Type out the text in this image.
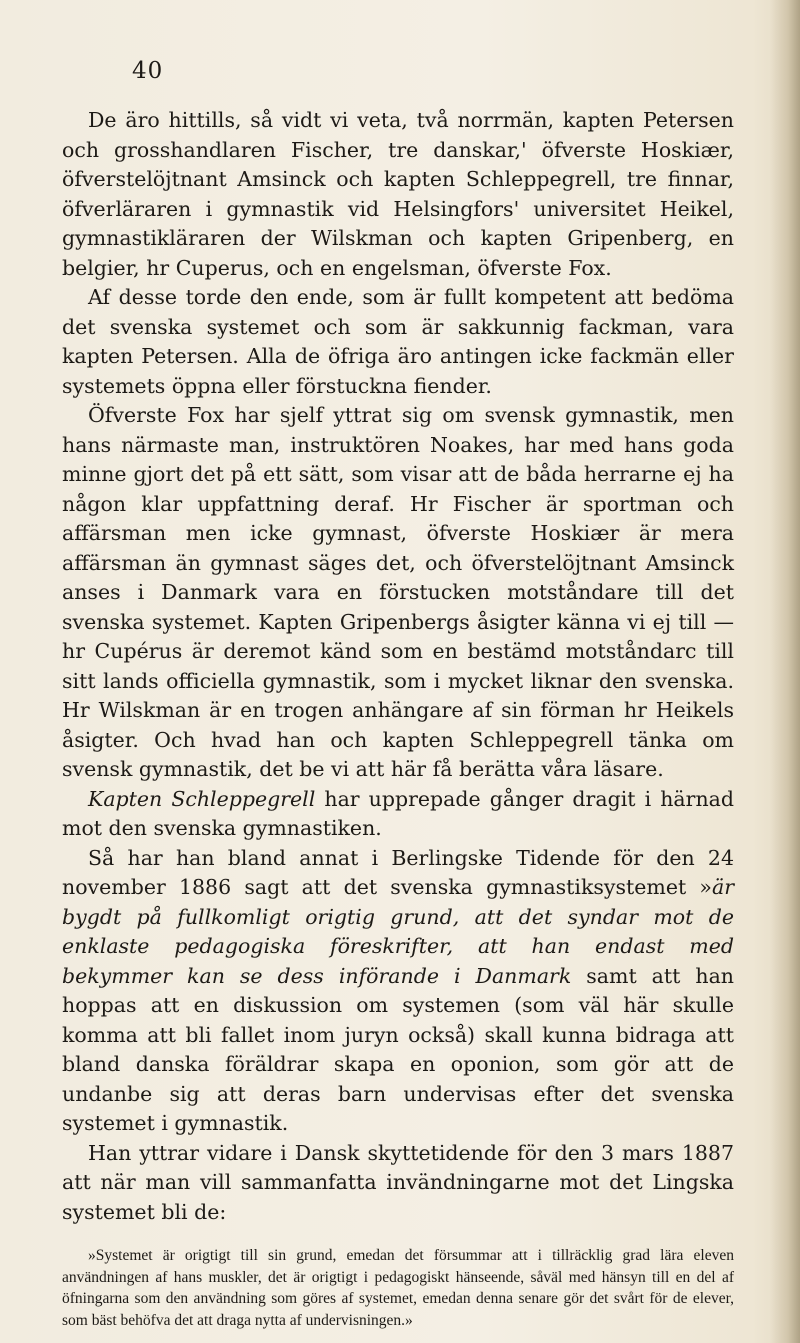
40

De äro hittills, så vidt vi veta, två norrmän, kapten Petersen och grosshandlaren Fischer, tre danskar,' öfverste Hoskiær, öfverstelöjtnant Amsinck och kapten Schleppegrell, tre finnar, öfverläraren i gymnastik vid Helsingfors' universitet Heikel, gymnastikläraren der Wilskman och kapten Gripenberg, en belgier, hr Cuperus, och en engelsman, öfverste Fox.

Af desse torde den ende, som är fullt kompetent att bedöma det svenska systemet och som är sakkunnig fackman, vara kapten Petersen. Alla de öfriga äro antingen icke fackmän eller systemets öppna eller förstuckna fiender.

Öfverste Fox har sjelf yttrat sig om svensk gymnastik, men hans närmaste man, instruktören Noakes, har med hans goda minne gjort det på ett sätt, som visar att de båda herrarne ej ha någon klar uppfattning deraf. Hr Fischer är sportman och affärsman men icke gymnast, öfverste Hoskiær är mera affärsman än gymnast säges det, och öfverstelöjtnant Amsinck anses i Danmark vara en förstucken motståndare till det svenska systemet. Kapten Gripenbergs åsigter känna vi ej till — hr Cupérus är deremot känd som en bestämd motståndarc till sitt lands officiella gymnastik, som i mycket liknar den svenska. Hr Wilskman är en trogen anhängare af sin förman hr Heikels åsigter. Och hvad han och kapten Schleppegrell tänka om svensk gymnastik, det be vi att här få berätta våra läsare.

Kapten Schleppegrell har upprepade gånger dragit i härnad mot den svenska gymnastiken.

Så har han bland annat i Berlingske Tidende för den 24 november 1886 sagt att det svenska gymnastiksystemet »är bygdt på fullkomligt origtig grund, att det syndar mot de enklaste pedagogiska föreskrifter, att han endast med bekymmer kan se dess införande i Danmark samt att han hoppas att en diskussion om systemen (som väl här skulle komma att bli fallet inom juryn också) skall kunna bidraga att bland danska föräldrar skapa en oponion, som gör att de undanbe sig att deras barn undervisas efter det svenska systemet i gymnastik.

Han yttrar vidare i Dansk skyttetidende för den 3 mars 1887 att när man vill sammanfatta invändningarne mot det Lingska systemet bli de:

»Systemet är origtigt till sin grund, emedan det försummar att i tillräcklig grad lära eleven användningen af hans muskler, det är origtigt i pedagogiskt hänseende, såväl med hänsyn till en del af öfningarna som den användning som göres af systemet, emedan denna senare gör det svårt för de elever, som bäst behöfva det att draga nytta af undervisningen.»
